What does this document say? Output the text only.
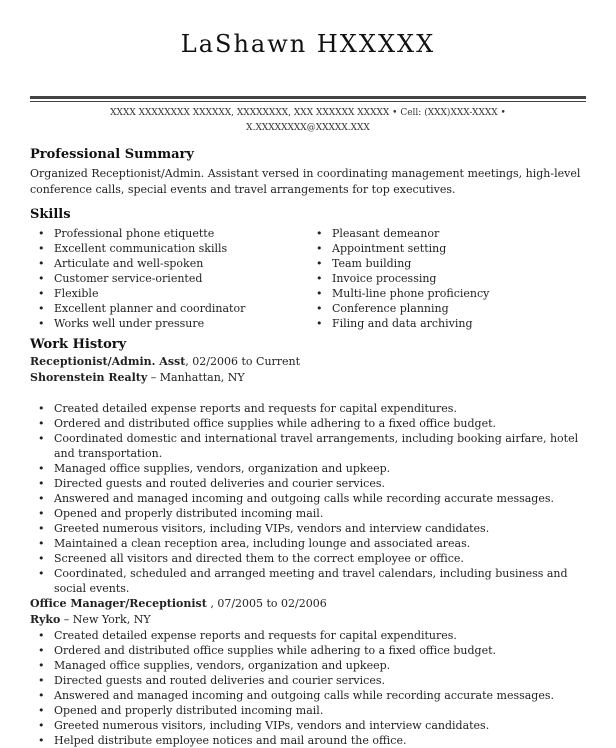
LaShawn HXXXXX
XXXX XXXXXXXX XXXXXX, XXXXXXXX, XXX XXXXXX XXXXX • Cell: (XXX)XXX-XXXX •
X.XXXXXXXX@XXXXX.XXX
Professional Summary
Organized Receptionist/Admin. Assistant versed in coordinating management meetings, high-level conference calls, special events and travel arrangements for top executives.
Skills
• Professional phone etiquette
• Excellent communication skills
• Articulate and well-spoken
• Customer service-oriented
• Flexible
• Excellent planner and coordinator
• Works well under pressure
• Pleasant demeanor
• Appointment setting
• Team building
• Invoice processing
• Multi-line phone proficiency
• Conference planning
• Filing and data archiving
Work History
Receptionist/Admin. Asst, 02/2006 to Current
Shorenstein Realty – Manhattan, NY
• Created detailed expense reports and requests for capital expenditures.
• Ordered and distributed office supplies while adhering to a fixed office budget.
• Coordinated domestic and international travel arrangements, including booking airfare, hotel and transportation.
• Managed office supplies, vendors, organization and upkeep.
• Directed guests and routed deliveries and courier services.
• Answered and managed incoming and outgoing calls while recording accurate messages.
• Opened and properly distributed incoming mail.
• Greeted numerous visitors, including VIPs, vendors and interview candidates.
• Maintained a clean reception area, including lounge and associated areas.
• Screened all visitors and directed them to the correct employee or office.
• Coordinated, scheduled and arranged meeting and travel calendars, including business and social events.
Office Manager/Receptionist , 07/2005 to 02/2006
Ryko – New York, NY
• Created detailed expense reports and requests for capital expenditures.
• Ordered and distributed office supplies while adhering to a fixed office budget.
• Managed office supplies, vendors, organization and upkeep.
• Directed guests and routed deliveries and courier services.
• Answered and managed incoming and outgoing calls while recording accurate messages.
• Opened and properly distributed incoming mail.
• Greeted numerous visitors, including VIPs, vendors and interview candidates.
• Helped distribute employee notices and mail around the office.
